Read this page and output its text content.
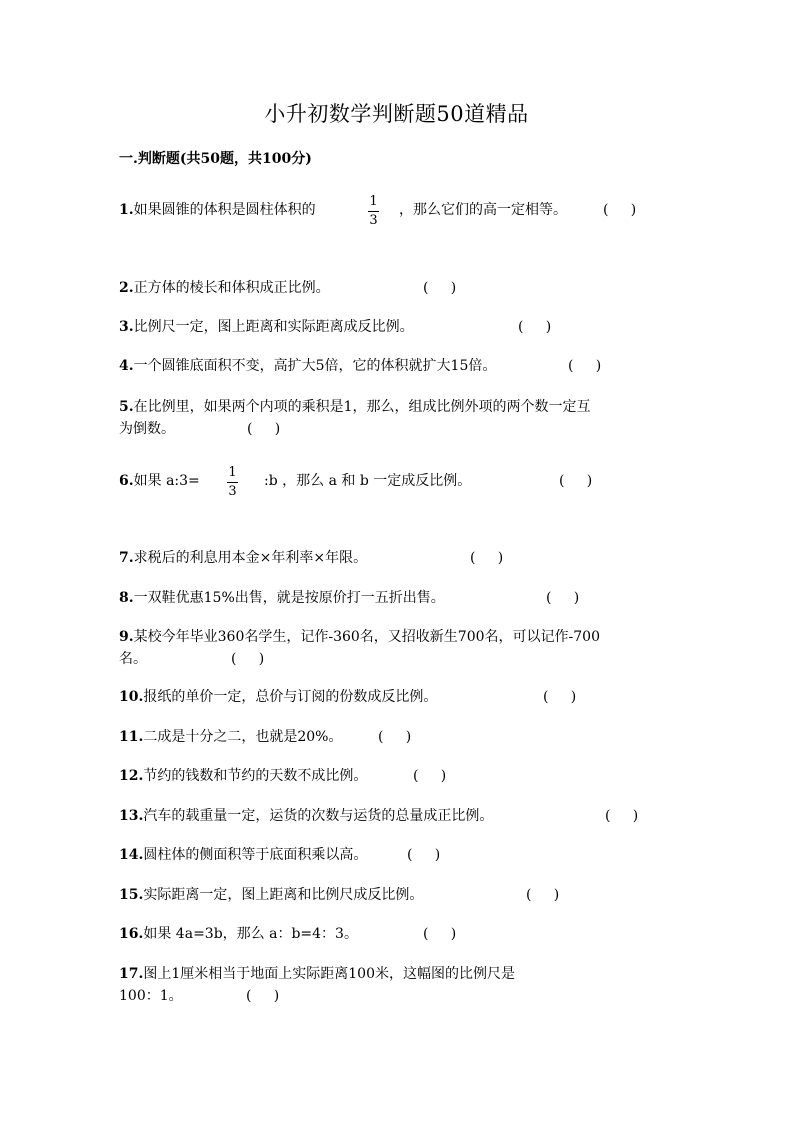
小升初数学判断题50道精品
一.判断题(共50题，共100分)
1.如果圆锥的体积是圆柱体积的
1
3
，那么它们的高一定相等。	(     )
2.正方体的棱长和体积成正比例。	(     )
3.比例尺一定，图上距离和实际距离成反比例。	(     )
4.一个圆锥底面积不变，高扩大5倍，它的体积就扩大15倍。	(     )
5.在比例里，如果两个内项的乘积是1，那么，组成比例外项的两个数一定互
为倒数。	(     )
6.如果 a:3=
1
3
:b ，那么 a 和 b 一定成反比例。	(     )
7.求税后的利息用本金×年利率×年限。	(     )
8.一双鞋优惠15%出售，就是按原价打一五折出售。	(     )
9.某校今年毕业360名学生，记作-360名，又招收新生700名，可以记作-700
名。	(     )
10.报纸的单价一定，总价与订阅的份数成反比例。	(     )
11.二成是十分之二，也就是20%。	(     )
12.节约的钱数和节约的天数不成比例。	(     )
13.汽车的载重量一定，运货的次数与运货的总量成正比例。	(     )
14.圆柱体的侧面积等于底面积乘以高。	(     )
15.实际距离一定，图上距离和比例尺成反比例。	(     )
16.如果 4a=3b，那么 a：b=4：3。	(     )
17.图上1厘米相当于地面上实际距离100米，这幅图的比例尺是
100：1。	(     )
